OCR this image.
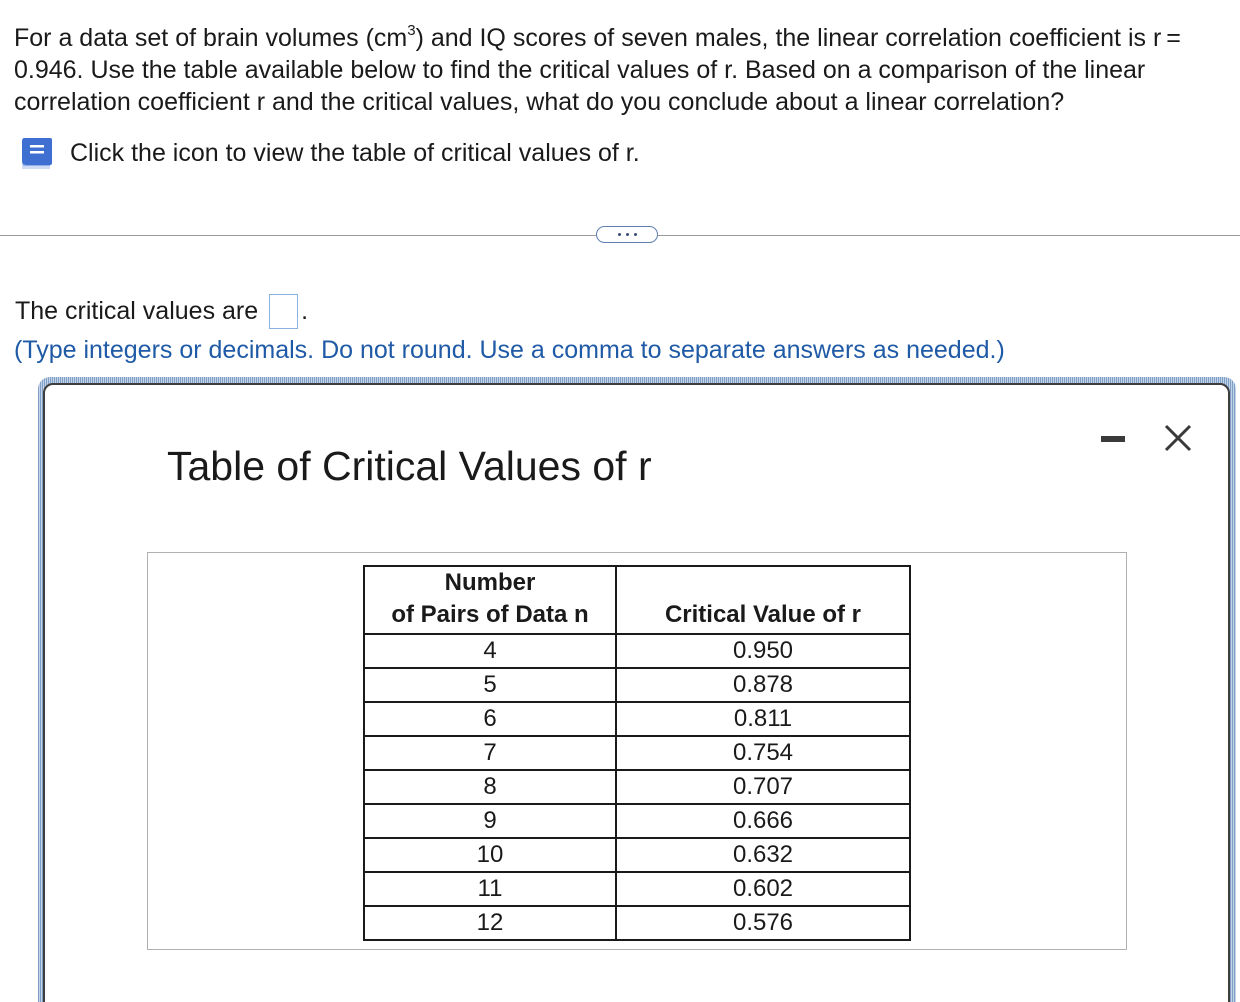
For a data set of brain volumes $(cm^3)$ and IQ scores of seven males, the linear correlation coefficient is r = 0.946. Use the table available below to find the critical values of r. Based on a comparison of the linear correlation coefficient r and the critical values, what do you conclude about a linear correlation?
Click the icon to view the table of critical values of r.
The critical values are .
(Type integers or decimals. Do not round. Use a comma to separate answers as needed.)
Table of Critical Values of r
Number
of Pairs of Data n	Critical Value of r
4	0.950
5	0.878
6	0.811
7	0.754
8	0.707
9	0.666
10	0.632
11	0.602
12	0.576
